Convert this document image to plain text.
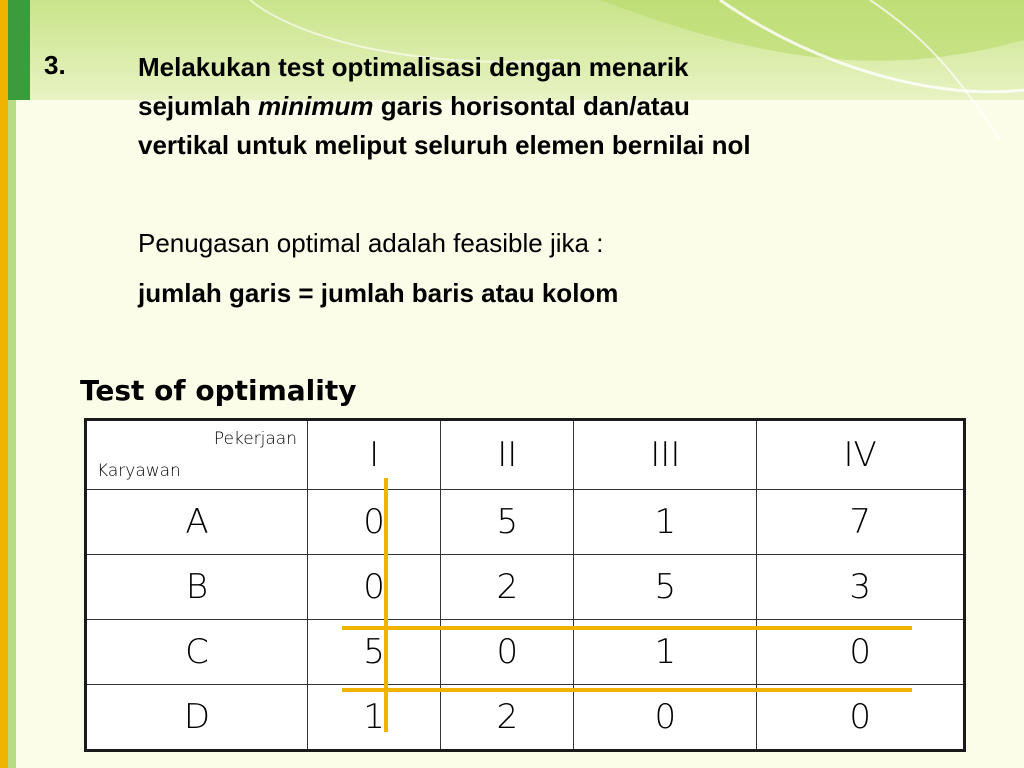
3.	Melakukan test optimalisasi dengan menarik
sejumlah minimum garis horisontal dan/atau
vertikal untuk meliput seluruh elemen bernilai nol
Penugasan optimal adalah feasible jika :
jumlah garis = jumlah baris atau kolom
Test of optimality
Pekerjaan
Karyawan	I	II	III	IV
A	0	5	1	7
B	0	2	5	3
C	5	0	1	0
D	1	2	0	0
